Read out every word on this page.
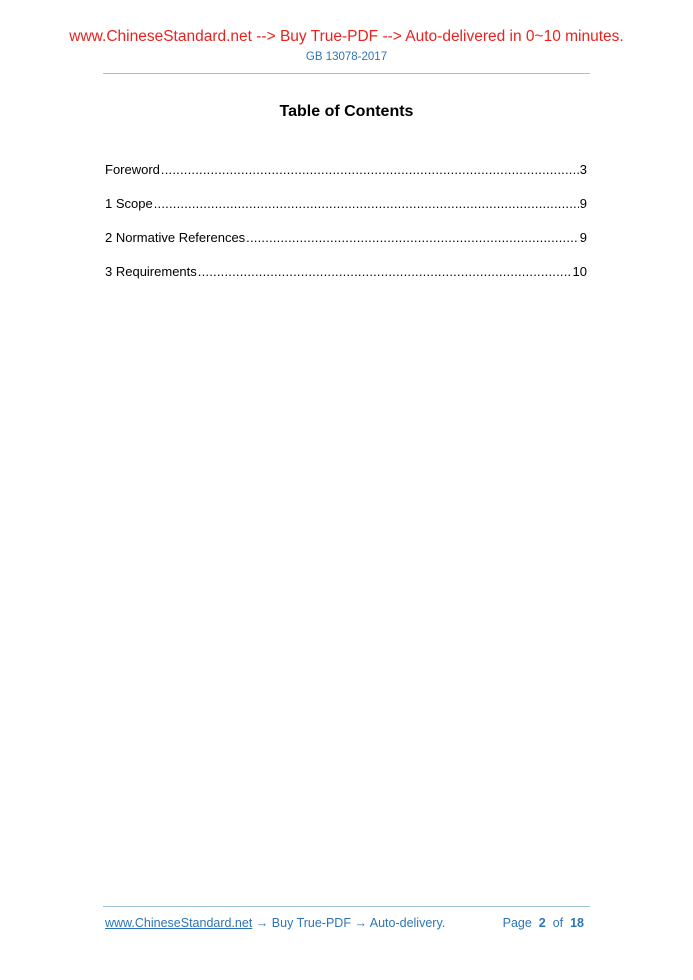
www.ChineseStandard.net --> Buy True-PDF --> Auto-delivered in 0~10 minutes.
GB 13078-2017
Table of Contents
Foreword .....	3
1 Scope .....	9
2 Normative References .....	9
3 Requirements .....	10
www.ChineseStandard.net → Buy True-PDF → Auto-delivery.	Page 2 of 18
